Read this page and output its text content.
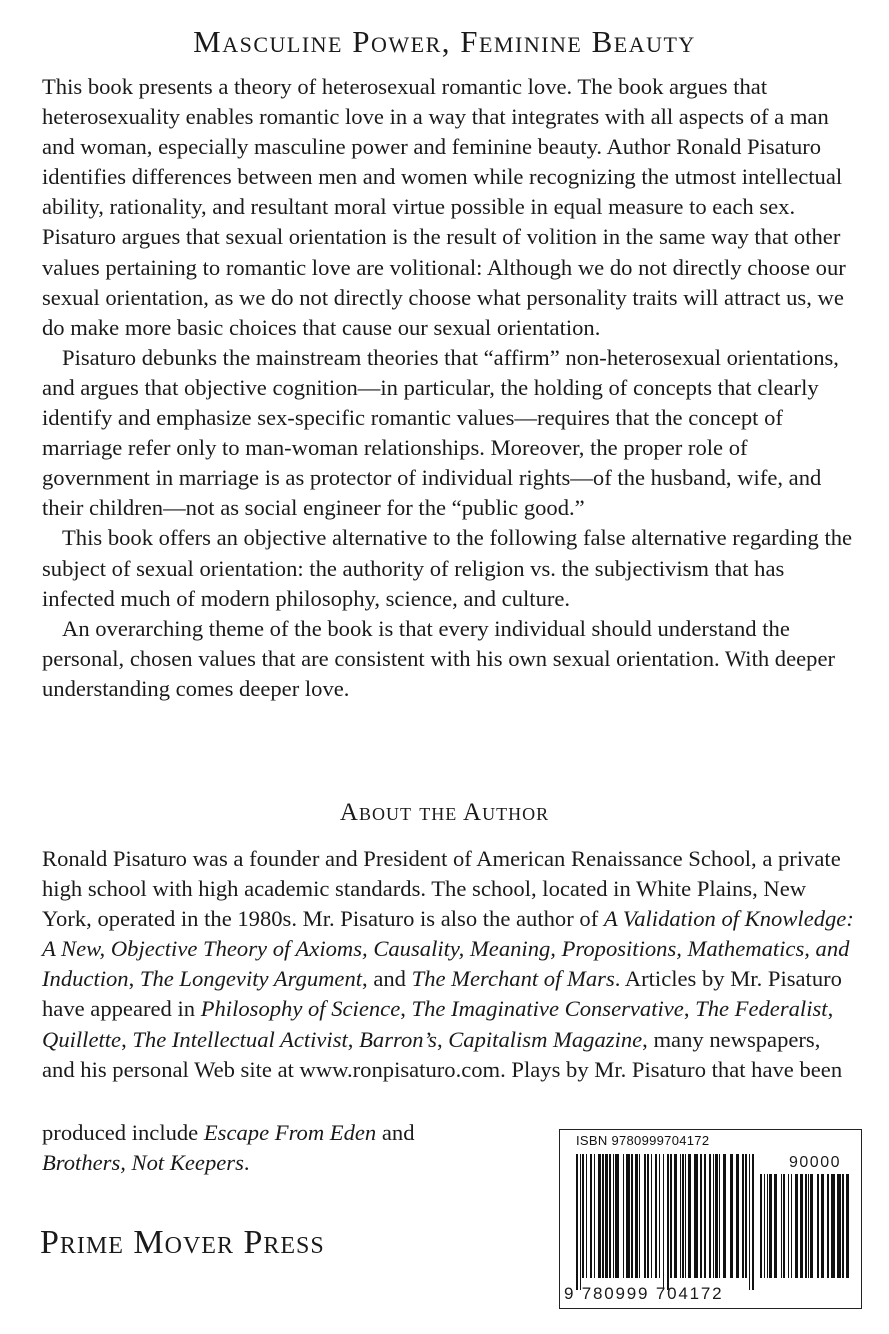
Masculine Power, Feminine Beauty

This book presents a theory of heterosexual romantic love. The book argues that heterosexuality enables romantic love in a way that integrates with all aspects of a man and woman, especially masculine power and feminine beauty. Author Ronald Pisaturo identifies differences between men and women while recognizing the utmost intellectual ability, rationality, and resultant moral virtue possible in equal measure to each sex. Pisaturo argues that sexual orientation is the result of volition in the same way that other values pertaining to romantic love are volitional: Although we do not directly choose our sexual orientation, as we do not directly choose what personality traits will attract us, we do make more basic choices that cause our sexual orientation.

Pisaturo debunks the mainstream theories that “affirm” non-heterosexual orientations, and argues that objective cognition—in particular, the holding of concepts that clearly identify and emphasize sex-specific romantic values—requires that the concept of marriage refer only to man-woman relationships. Moreover, the proper role of government in marriage is as protector of individual rights—of the husband, wife, and their children—not as social engineer for the “public good.”

This book offers an objective alternative to the following false alternative regarding the subject of sexual orientation: the authority of religion vs. the subjectivism that has infected much of modern philosophy, science, and culture.

An overarching theme of the book is that every individual should understand the personal, chosen values that are consistent with his own sexual orientation. With deeper understanding comes deeper love.

About the Author

Ronald Pisaturo was a founder and President of American Renaissance School, a private high school with high academic standards. The school, located in White Plains, New York, operated in the 1980s. Mr. Pisaturo is also the author of A Validation of Knowledge: A New, Objective Theory of Axioms, Causality, Meaning, Propositions, Mathematics, and Induction, The Longevity Argument, and The Merchant of Mars. Articles by Mr. Pisaturo have appeared in Philosophy of Science, The Imaginative Conservative, The Federalist, Quillette, The Intellectual Activist, Barron’s, Capitalism Magazine, many newspapers, and his personal Web site at www.ronpisaturo.com. Plays by Mr. Pisaturo that have been

produced include Escape From Eden and
Brothers, Not Keepers.
Prime Mover Press
ISBN 9780999704172
90000
9 780999 704172
